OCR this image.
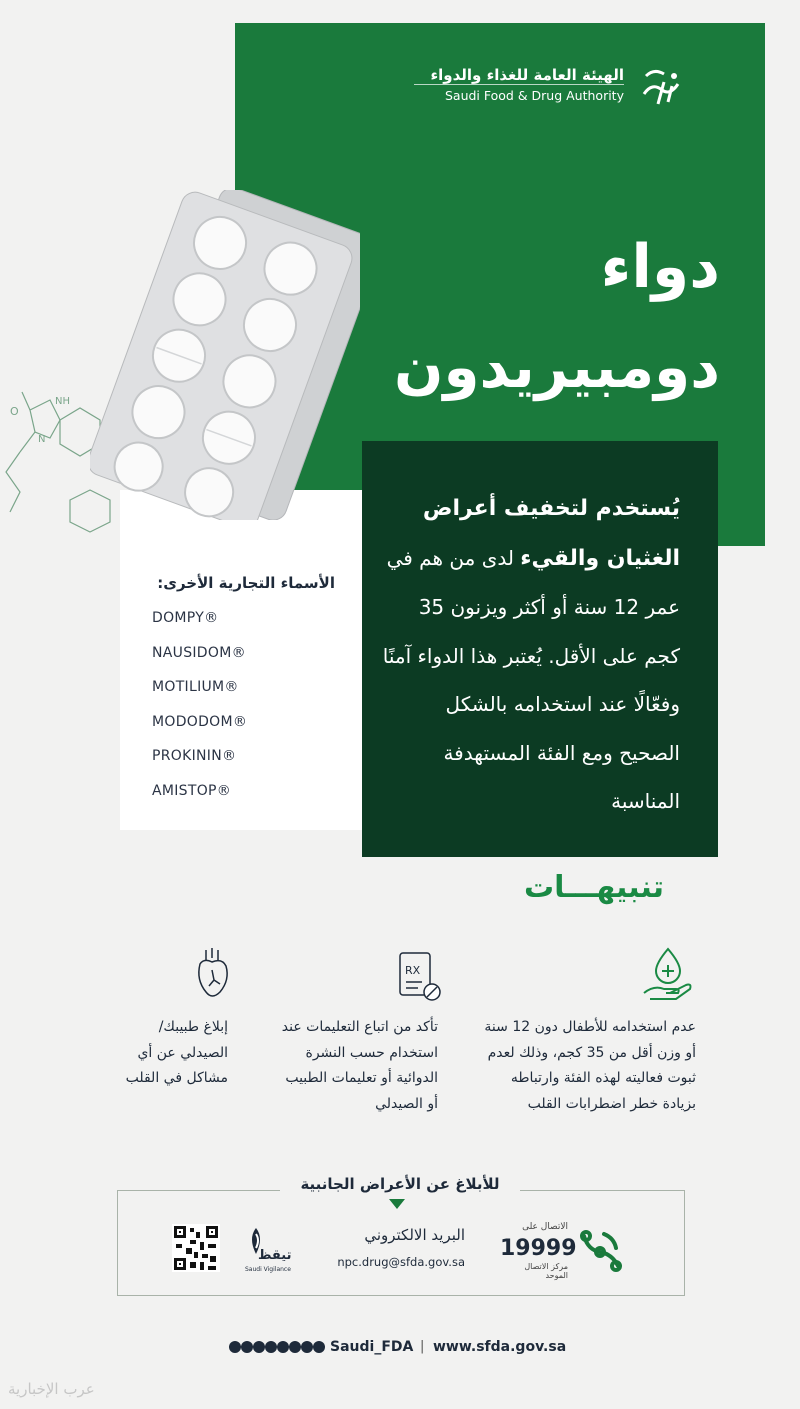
الهيئة العامة للغذاء والدواء
Saudi Food & Drug Authority
دواء
دومبيريدون
O
NH
N
يُستخدم لتخفيف أعراض الغثيان والقيء لدى من هم في عمر 12 سنة أو أكثر ويزنون 35 كجم على الأقل. يُعتبر هذا الدواء آمنًا وفعّالًا عند استخدامه بالشكل الصحيح ومع الفئة المستهدفة المناسبة
الأسماء التجارية الأخرى:
DOMPY®
NAUSIDOM®
MOTILIUM®
MODODOM®
PROKININ®
AMISTOP®
تنبيهـــات
RX
عدم استخدامه للأطفال دون 12 سنة أو وزن أقل من 35 كجم، وذلك لعدم ثبوت فعاليته لهذه الفئة وارتباطه بزيادة خطر اضطرابات القلب
تأكد من اتباع التعليمات عند استخدام حسب النشرة الدوائية أو تعليمات الطبيب أو الصيدلي
إبلاغ طبيبك/ الصيدلي عن أي مشاكل في القلب
للأبلاغ عن الأعراض الجانبية
الاتصال على
19999
مركز الاتصال الموحد
البريد الالكتروني
npc.drug@sfda.gov.sa
تيقظ
Saudi Vigilance
Saudi_FDA | www.sfda.gov.sa
عرب الإخبارية
